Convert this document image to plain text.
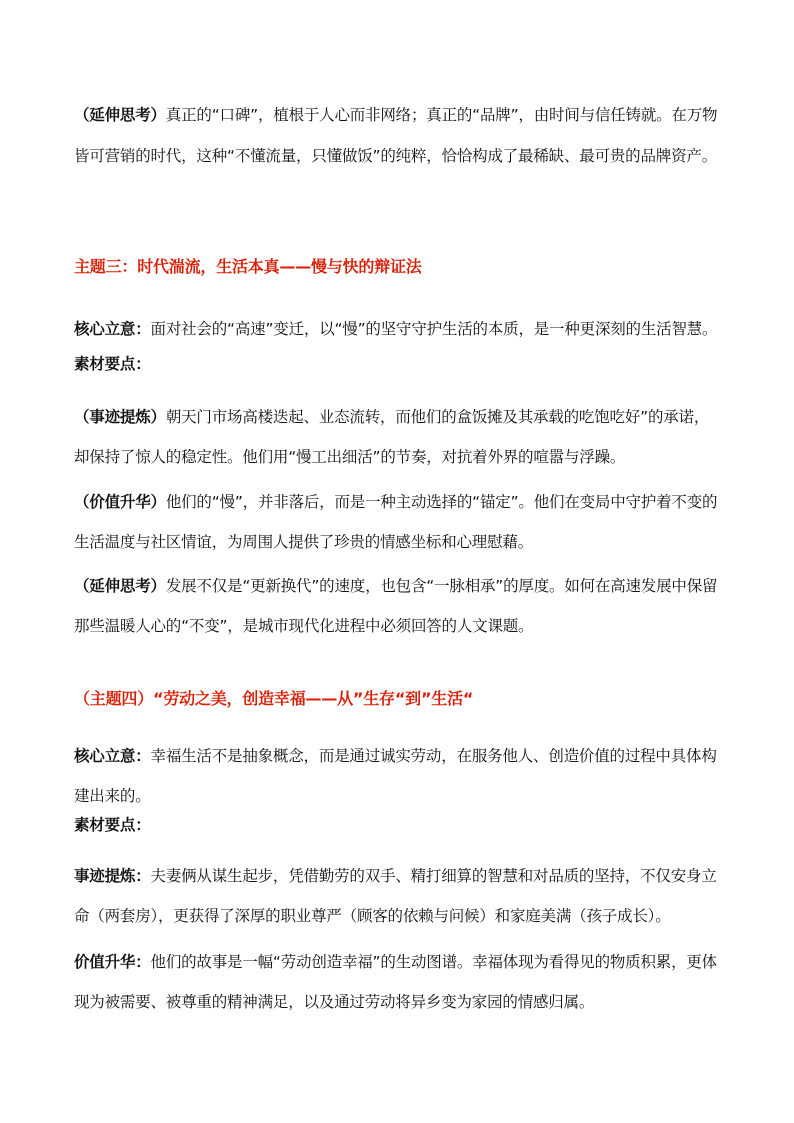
（延伸思考）真正的“口碑”，植根于人心而非网络；真正的“品牌”，由时间与信任铸就。在万物皆可营销的时代，这种“不懂流量，只懂做饭”的纯粹，恰恰构成了最稀缺、最可贵的品牌资产。
主题三：时代湍流，生活本真——慢与快的辩证法
核心立意：面对社会的“高速”变迁，以“慢”的坚守守护生活的本质，是一种更深刻的生活智慧。
素材要点：
（事迹提炼）朝天门市场高楼迭起、业态流转，而他们的盒饭摊及其承载的吃饱吃好”的承诺，却保持了惊人的稳定性。他们用“慢工出细活”的节奏，对抗着外界的喧嚣与浮躁。
（价值升华）他们的“慢”，并非落后，而是一种主动选择的“锚定”。他们在变局中守护着不变的生活温度与社区情谊，为周围人提供了珍贵的情感坐标和心理慰藉。
（延伸思考）发展不仅是“更新换代”的速度，也包含“一脉相承”的厚度。如何在高速发展中保留那些温暖人心的“不变”，是城市现代化进程中必须回答的人文课题。
（主题四）“劳动之美，创造幸福——从”生存“到”生活“
核心立意：幸福生活不是抽象概念，而是通过诚实劳动，在服务他人、创造价值的过程中具体构建出来的。
素材要点：
事迹提炼：夫妻俩从谋生起步，凭借勤劳的双手、精打细算的智慧和对品质的坚持，不仅安身立命（两套房），更获得了深厚的职业尊严（顾客的依赖与问候）和家庭美满（孩子成长）。
价值升华：他们的故事是一幅“劳动创造幸福”的生动图谱。幸福体现为看得见的物质积累，更体现为被需要、被尊重的精神满足，以及通过劳动将异乡变为家园的情感归属。
